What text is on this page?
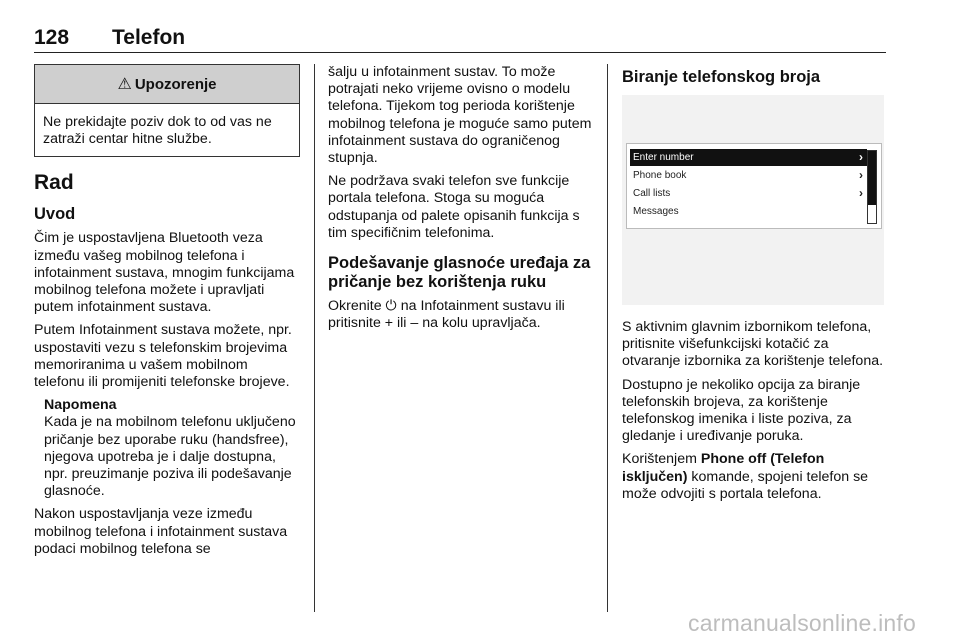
128 Telefon
⚠ Upozorenje
Ne prekidajte poziv dok to od vas ne zatraži centar hitne službe.
Rad
Uvod

Čim je uspostavljena Bluetooth veza između vašeg mobilnog telefona i infotainment sustava, mnogim funkcijama mobilnog telefona možete i upravljati putem infotainment sustava.

Putem Infotainment sustava možete, npr. uspostaviti vezu s telefonskim brojevima memoriranima u vašem mobilnom telefonu ili promijeniti telefonske brojeve.

Napomena

Kada je na mobilnom telefonu uključeno pričanje bez uporabe ruku (handsfree), njegova upotreba je i dalje dostupna, npr. preuzimanje poziva ili podešavanje glasnoće.

Nakon uspostavljanja veze između mobilnog telefona i infotainment sustava podaci mobilnog telefona se

šalju u infotainment sustav. To može potrajati neko vrijeme ovisno o modelu telefona. Tijekom tog perioda korištenje mobilnog telefona je moguće samo putem infotainment sustava do ograničenog stupnja.

Ne podržava svaki telefon sve funkcije portala telefona. Stoga su moguća odstupanja od palete opisanih funkcija s tim specifičnim telefonima.

Podešavanje glasnoće uređaja za pričanje bez korištenja ruku

Okrenite ⏻ na Infotainment sustavu ili pritisnite + ili – na kolu upravljača.

Biranje telefonskog broja
Enter number	›
Phone book	›
Call lists	›
Messages

S aktivnim glavnim izbornikom telefona, pritisnite višefunkcijski kotačić za otvaranje izbornika za korištenje telefona.

Dostupno je nekoliko opcija za biranje telefonskih brojeva, za korištenje telefonskog imenika i liste poziva, za gledanje i uređivanje poruka.

Korištenjem Phone off (Telefon isključen) komande, spojeni telefon se može odvojiti s portala telefona.

carmanualsonline.info
